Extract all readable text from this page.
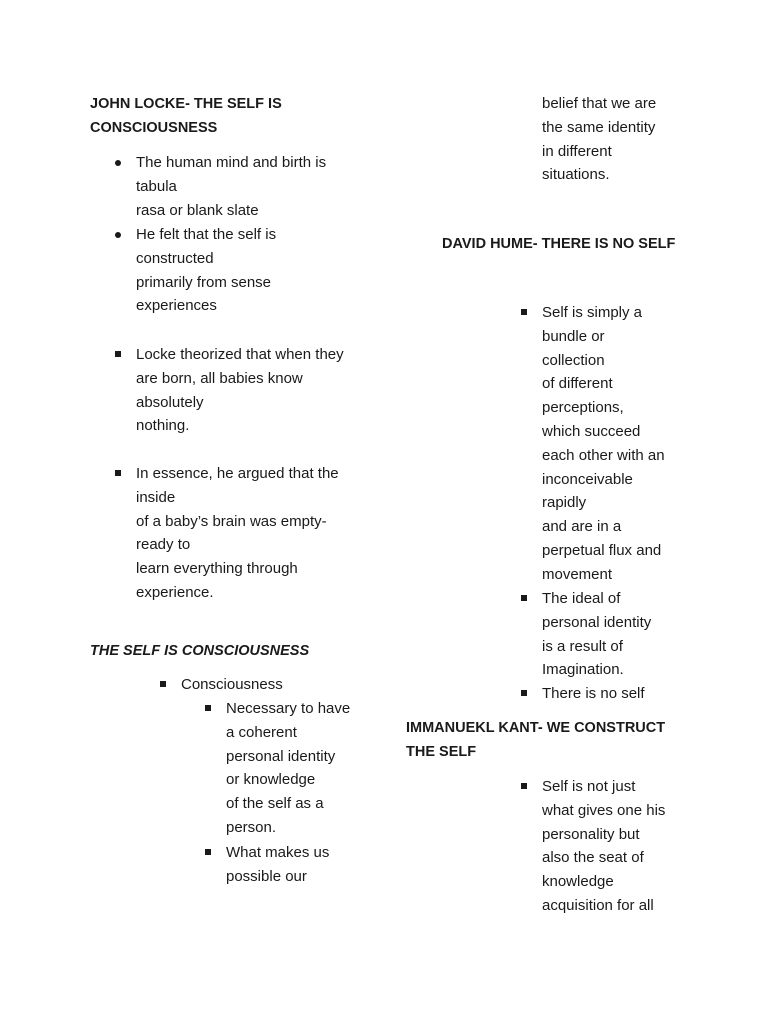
JOHN LOCKE- THE SELF IS
CONSCIOUSNESS
The human mind and birth is
tabula
rasa or blank slate
He felt that the self is
constructed
primarily from sense
experiences
Locke theorized that when they
are born, all babies know
absolutely
nothing.
In essence, he argued that the
inside
of a baby’s brain was empty-
ready to
learn everything through
experience.
THE SELF IS CONSCIOUSNESS
Consciousness
Necessary to have
a coherent
personal identity
or knowledge
of the self as a
person.
What makes us
possible our
belief that we are
the same identity
in different
situations.
DAVID HUME- THERE IS NO SELF
Self is simply a
bundle or
collection
of different
perceptions,
which succeed
each other with an
inconceivable
rapidly
and are in a
perpetual flux and
movement
The ideal of
personal identity
is a result of
Imagination.
There is no self
IMMANUEKL KANT- WE CONSTRUCT
THE SELF
Self is not just
what gives one his
personality but
also the seat of
knowledge
acquisition for all
